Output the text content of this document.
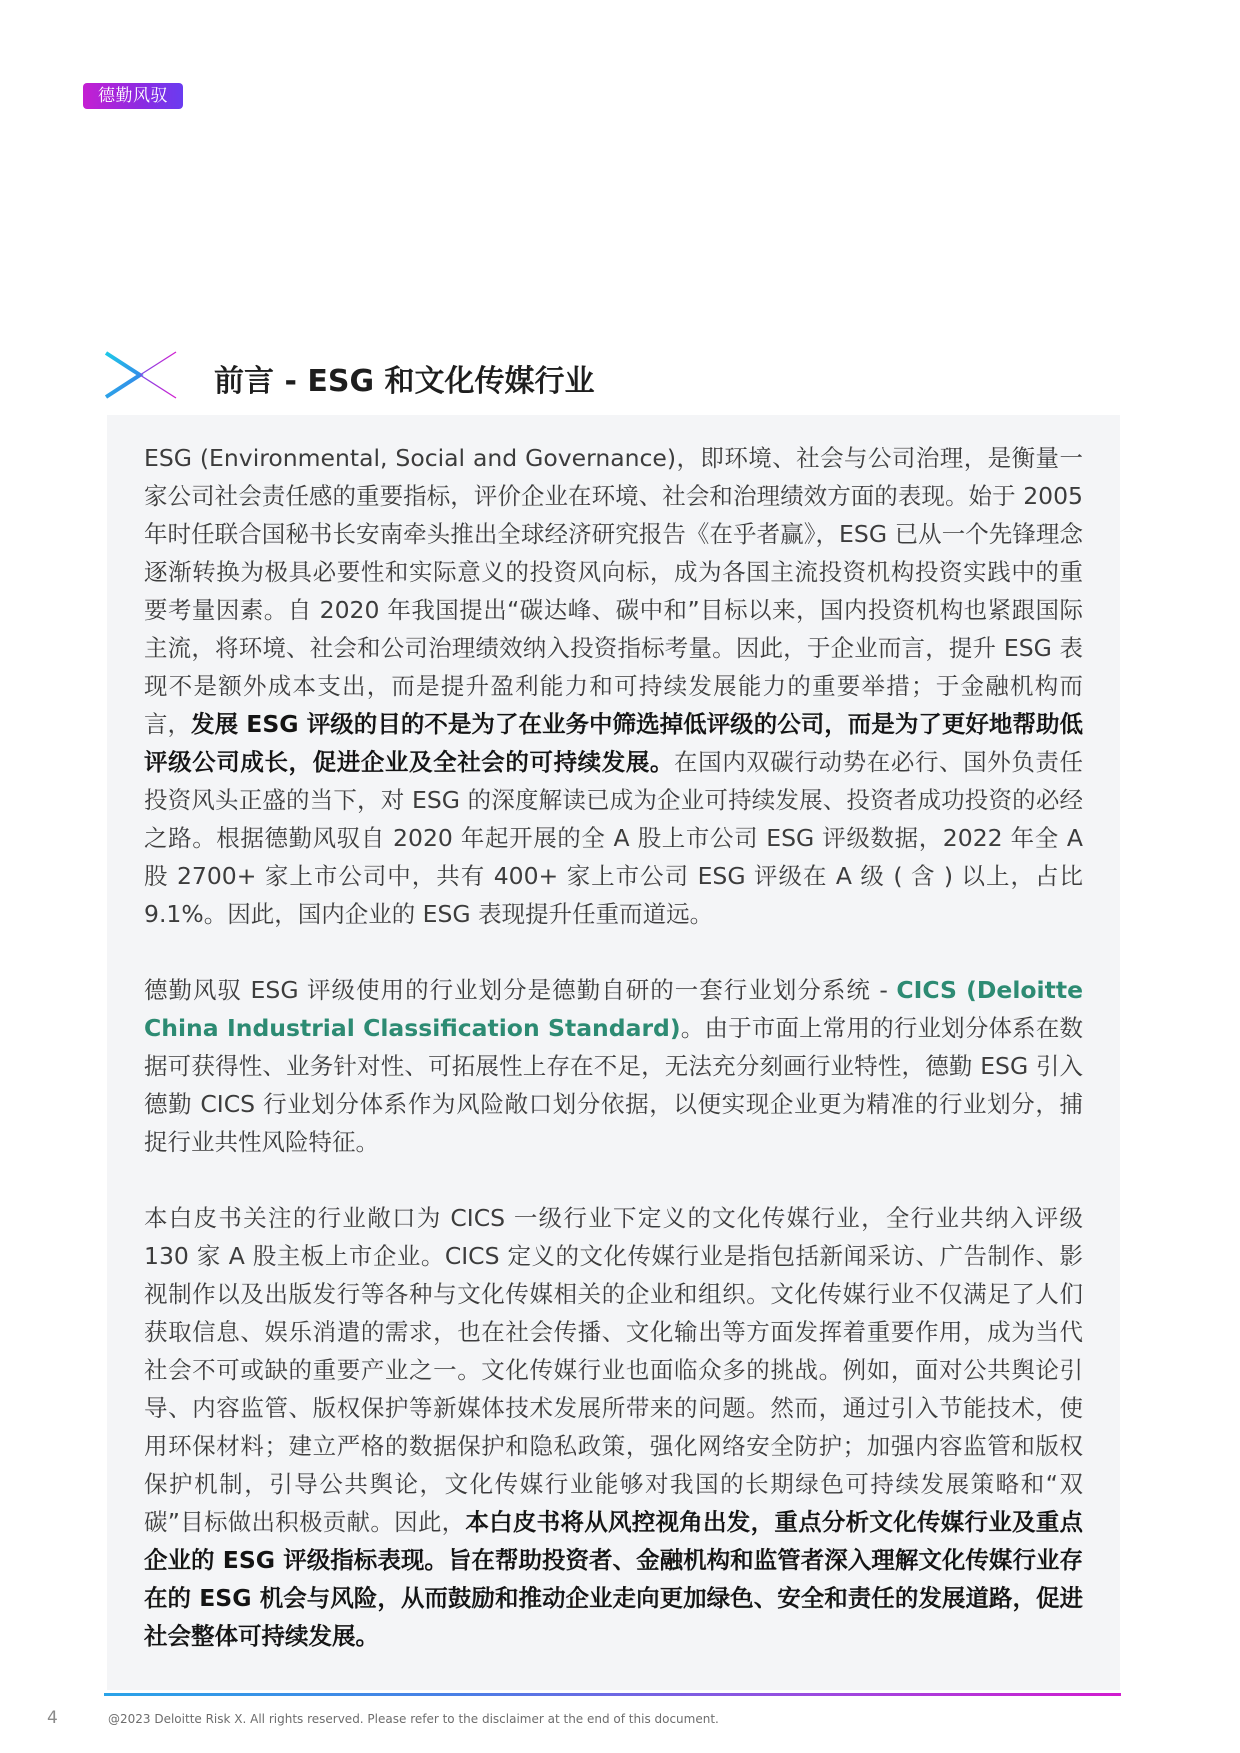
德勤风驭
前言 - ESG 和文化传媒行业

ESG (Environmental, Social and Governance)，即环境、社会与公司治理，是衡量一家公司社会责任感的重要指标，评价企业在环境、社会和治理绩效方面的表现。始于 2005 年时任联合国秘书长安南牵头推出全球经济研究报告《在乎者赢》，ESG 已从一个先锋理念逐渐转换为极具必要性和实际意义的投资风向标，成为各国主流投资机构投资实践中的重要考量因素。自 2020 年我国提出“碳达峰、碳中和”目标以来，国内投资机构也紧跟国际主流，将环境、社会和公司治理绩效纳入投资指标考量。因此，于企业而言，提升 ESG 表现不是额外成本支出，而是提升盈利能力和可持续发展能力的重要举措；于金融机构而言，发展 ESG 评级的目的不是为了在业务中筛选掉低评级的公司，而是为了更好地帮助低评级公司成长，促进企业及全社会的可持续发展。在国内双碳行动势在必行、国外负责任投资风头正盛的当下，对 ESG 的深度解读已成为企业可持续发展、投资者成功投资的必经之路。根据德勤风驭自 2020 年起开展的全 A 股上市公司 ESG 评级数据，2022 年全 A 股 2700+ 家上市公司中，共有 400+ 家上市公司 ESG 评级在 A 级 ( 含 ) 以上，占比 9.1%。因此，国内企业的 ESG 表现提升任重而道远。

德勤风驭 ESG 评级使用的行业划分是德勤自研的一套行业划分系统 - CICS (Deloitte China Industrial Classification Standard)。由于市面上常用的行业划分体系在数据可获得性、业务针对性、可拓展性上存在不足，无法充分刻画行业特性，德勤 ESG 引入德勤 CICS 行业划分体系作为风险敞口划分依据，以便实现企业更为精准的行业划分，捕捉行业共性风险特征。

本白皮书关注的行业敞口为 CICS 一级行业下定义的文化传媒行业，全行业共纳入评级 130 家 A 股主板上市企业。CICS 定义的文化传媒行业是指包括新闻采访、广告制作、影视制作以及出版发行等各种与文化传媒相关的企业和组织。文化传媒行业不仅满足了人们获取信息、娱乐消遣的需求，也在社会传播、文化输出等方面发挥着重要作用，成为当代社会不可或缺的重要产业之一。文化传媒行业也面临众多的挑战。例如，面对公共舆论引导、内容监管、版权保护等新媒体技术发展所带来的问题。然而，通过引入节能技术，使用环保材料；建立严格的数据保护和隐私政策，强化网络安全防护；加强内容监管和版权保护机制，引导公共舆论，文化传媒行业能够对我国的长期绿色可持续发展策略和“双碳”目标做出积极贡献。因此，本白皮书将从风控视角出发，重点分析文化传媒行业及重点企业的 ESG 评级指标表现。旨在帮助投资者、金融机构和监管者深入理解文化传媒行业存在的 ESG 机会与风险，从而鼓励和推动企业走向更加绿色、安全和责任的发展道路，促进社会整体可持续发展。

4	@2023 Deloitte Risk X. All rights reserved. Please refer to the disclaimer at the end of this document.
